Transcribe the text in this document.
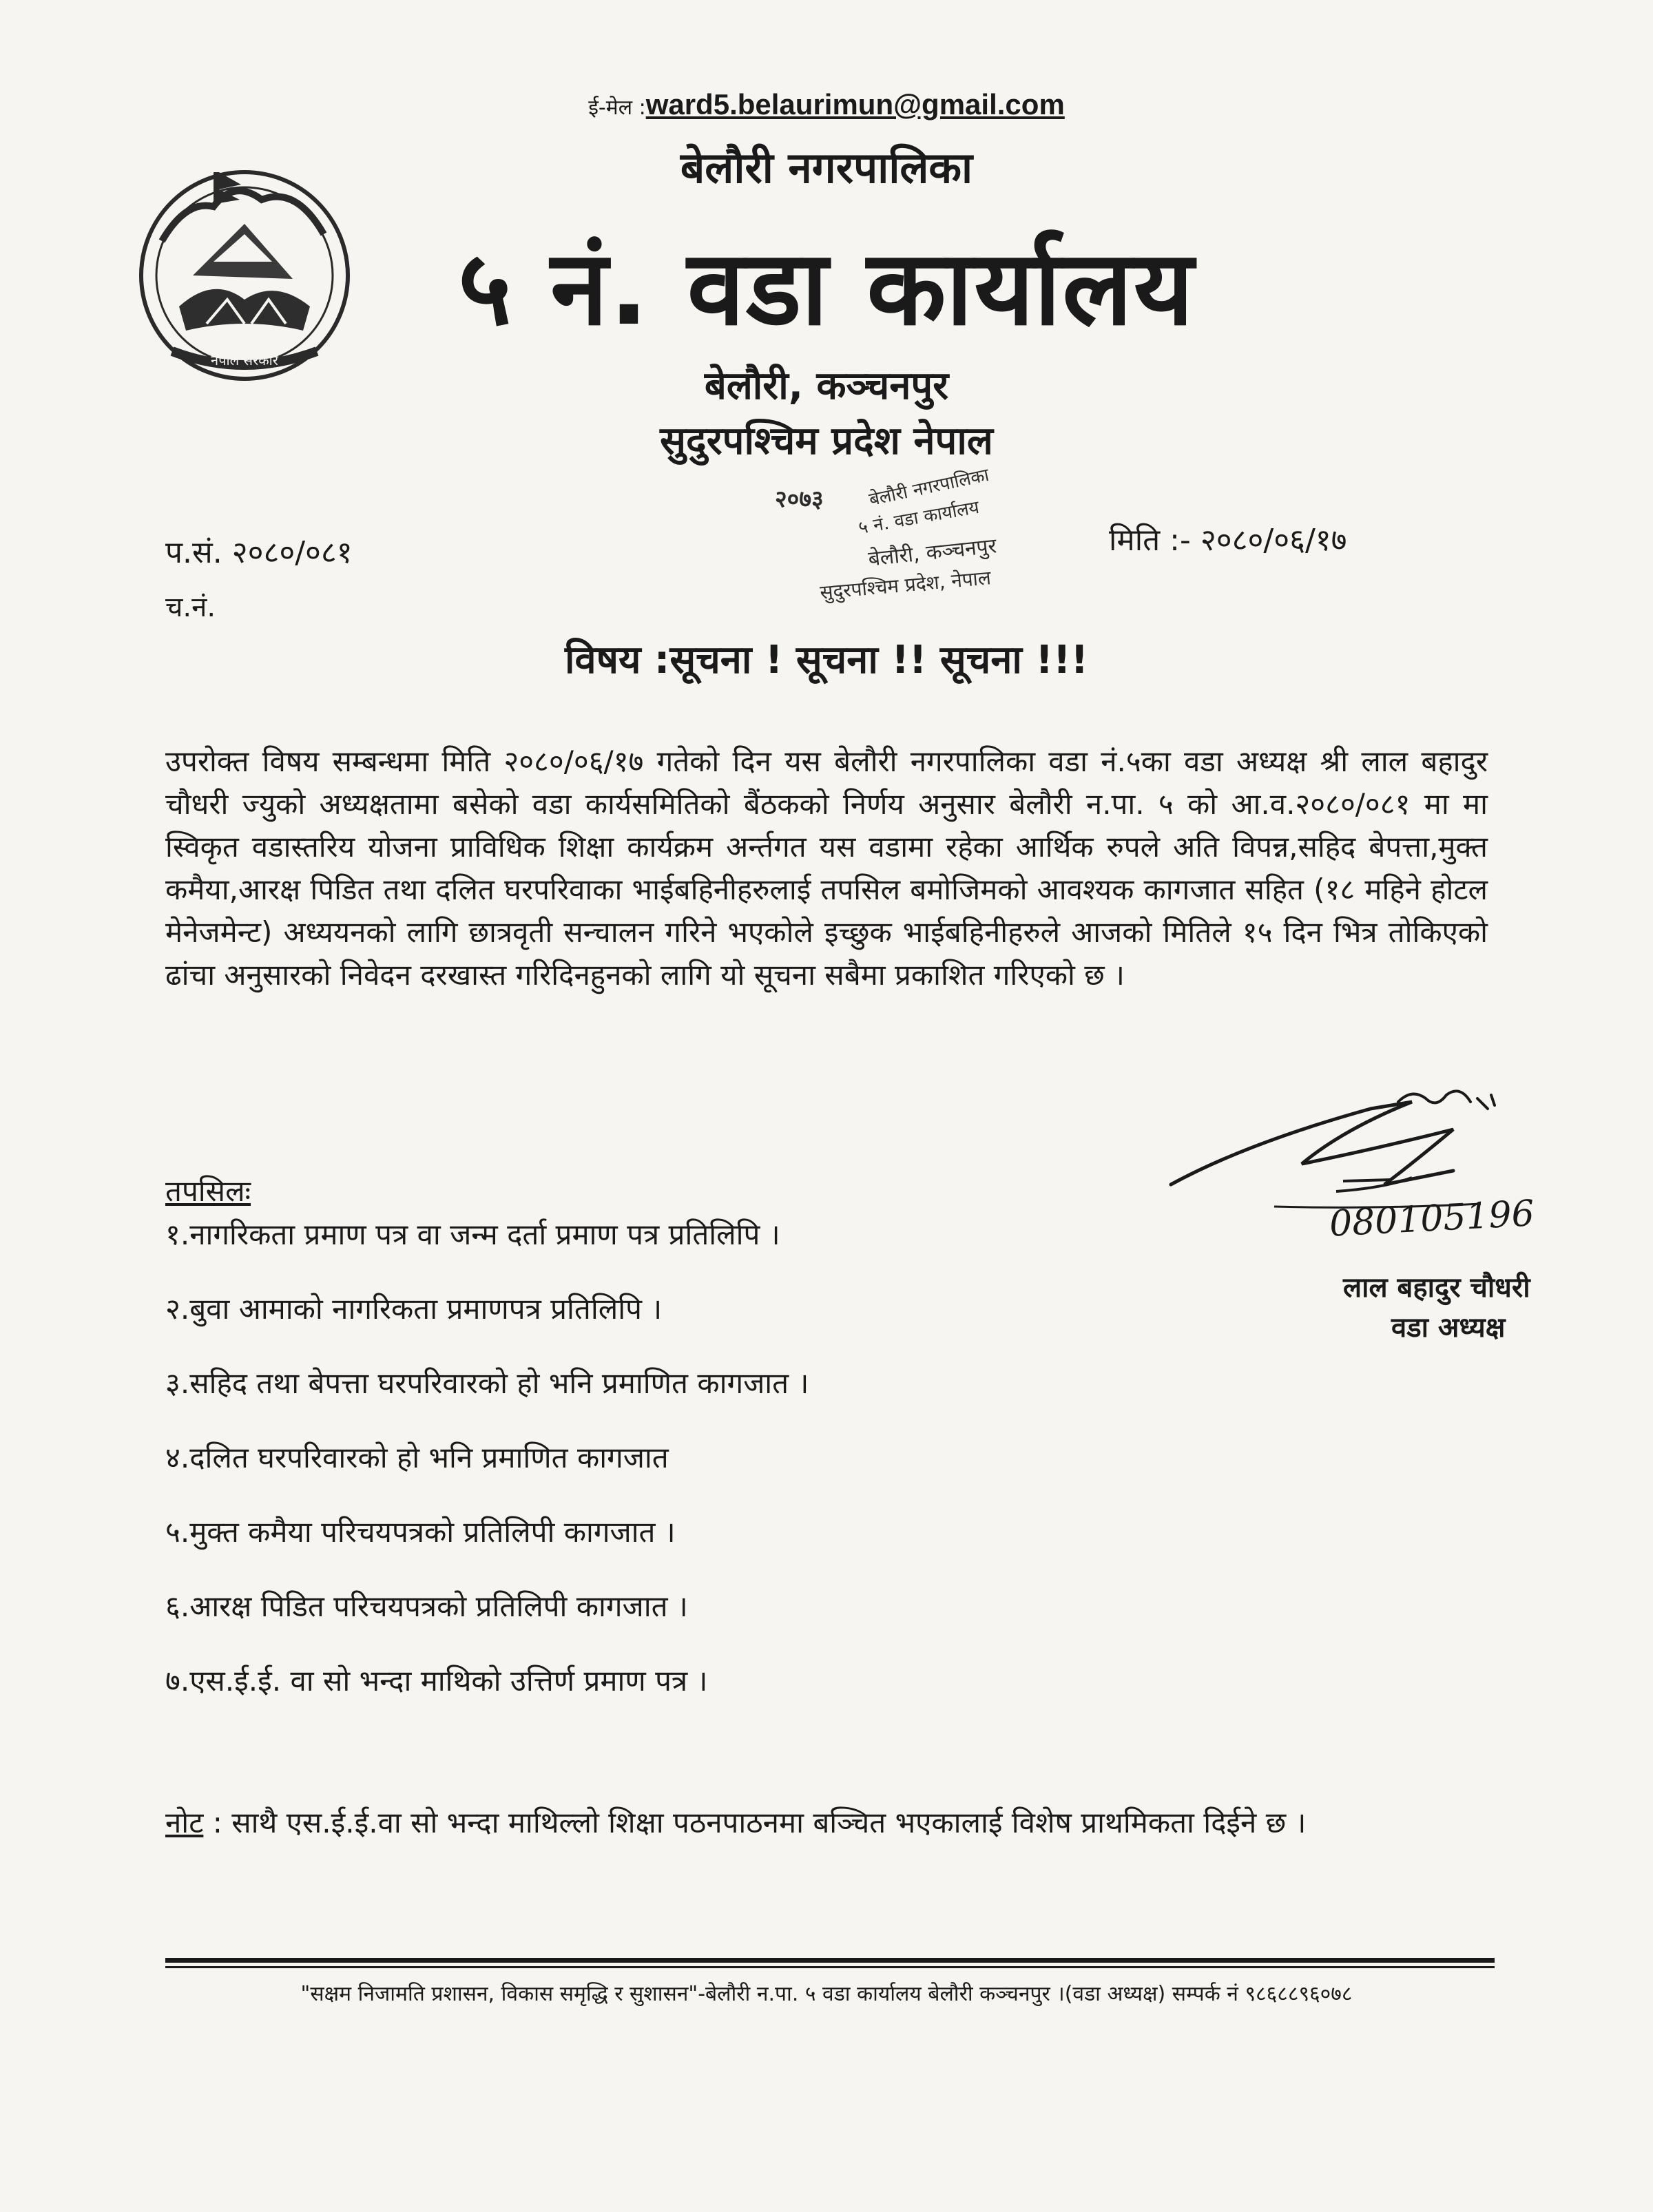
नेपाल सरकार
ई-मेल :ward5.belaurimun@gmail.com
बेलौरी नगरपालिका
५ नं. वडा कार्यालय
बेलौरी, कञ्चनपुर
सुदुरपश्चिम प्रदेश नेपाल
२०७३ बेलौरी नगरपालिका
५ नं. वडा कार्यालय
बेलौरी, कञ्चनपुर
सुदुरपश्चिम प्रदेश, नेपाल
प.सं. २०८०/०८१	मिति :- २०८०/०६/१७
च.नं.
विषय :सूचना ! सूचना !! सूचना !!!
उपरोक्त विषय सम्बन्धमा मिति २०८०/०६/१७ गतेको दिन यस बेलौरी नगरपालिका वडा नं.५का वडा अध्यक्ष श्री लाल बहादुर चौधरी ज्युको अध्यक्षतामा बसेको वडा कार्यसमितिको बैंठकको निर्णय अनुसार बेलौरी न.पा. ५ को आ.व.२०८०/०८१ मा मा स्विकृत वडास्तरिय योजना प्राविधिक शिक्षा कार्यक्रम अर्न्तगत यस वडामा रहेका आर्थिक रुपले अति विपन्न,सहिद बेपत्ता,मुक्त कमैया,आरक्ष पिडित तथा दलित घरपरिवाका भाईबहिनीहरुलाई तपसिल बमोजिमको आवश्यक कागजात सहित (१८ महिने होटल मेनेजमेन्ट) अध्ययनको लागि छात्रवृती सन्चालन गरिने भएकोले इच्छुक भाईबहिनीहरुले आजको मितिले १५ दिन भित्र तोकिएको ढांचा अनुसारको निवेदन दरखास्त गरिदिनहुनको लागि यो सूचना सबैमा प्रकाशित गरिएको छ ।
तपसिलः
१.नागरिकता प्रमाण पत्र वा जन्म दर्ता प्रमाण पत्र प्रतिलिपि ।
२.बुवा आमाको नागरिकता प्रमाणपत्र प्रतिलिपि ।
३.सहिद तथा बेपत्ता घरपरिवारको हो भनि प्रमाणित कागजात ।
४.दलित घरपरिवारको हो भनि प्रमाणित कागजात
५.मुक्त कमैया परिचयपत्रको प्रतिलिपी कागजात ।
६.आरक्ष पिडित परिचयपत्रको प्रतिलिपी कागजात ।
७.एस.ई.ई. वा सो भन्दा माथिको उत्तिर्ण प्रमाण पत्र ।
080105196
लाल बहादुर चौधरी
वडा अध्यक्ष
नोट : साथै एस.ई.ई.वा सो भन्दा माथिल्लो शिक्षा पठनपाठनमा बञ्चित भएकालाई विशेष प्राथमिकता दिईने छ ।
"सक्षम निजामति प्रशासन, विकास समृद्धि र सुशासन"-बेलौरी न.पा. ५ वडा कार्यालय बेलौरी कञ्चनपुर ।(वडा अध्यक्ष) सम्पर्क नं ९८६८८९६०७८
